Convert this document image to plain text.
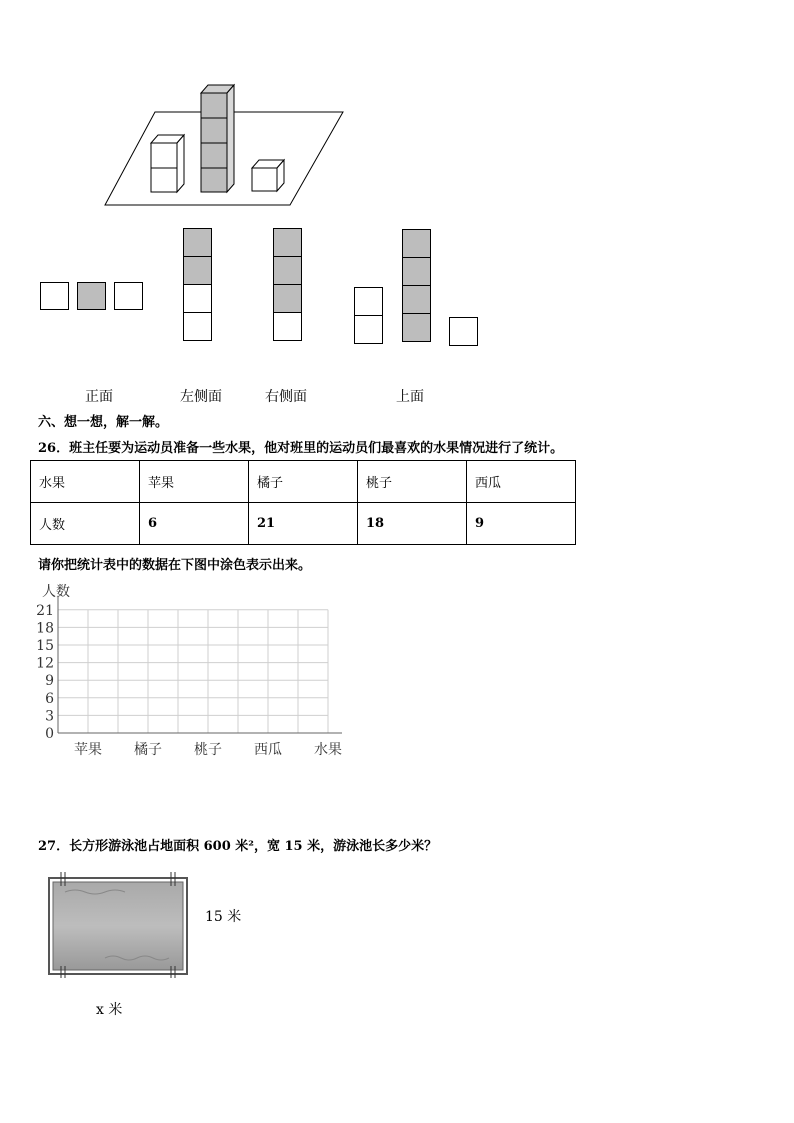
正面	左侧面	右侧面	上面
六、想一想，解一解。
26．班主任要为运动员准备一些水果，他对班里的运动员们最喜欢的水果情况进行了统计。
水果	苹果	橘子	桃子	西瓜
人数	6	21	18	9
请你把统计表中的数据在下图中涂色表示出来。
0
3
6
9
12
15
18
21
人数
苹果 橘子 桃子 西瓜 水果
27．长方形游泳池占地面积 600 米²，宽 15 米，游泳池长多少米？
15 米
x 米
